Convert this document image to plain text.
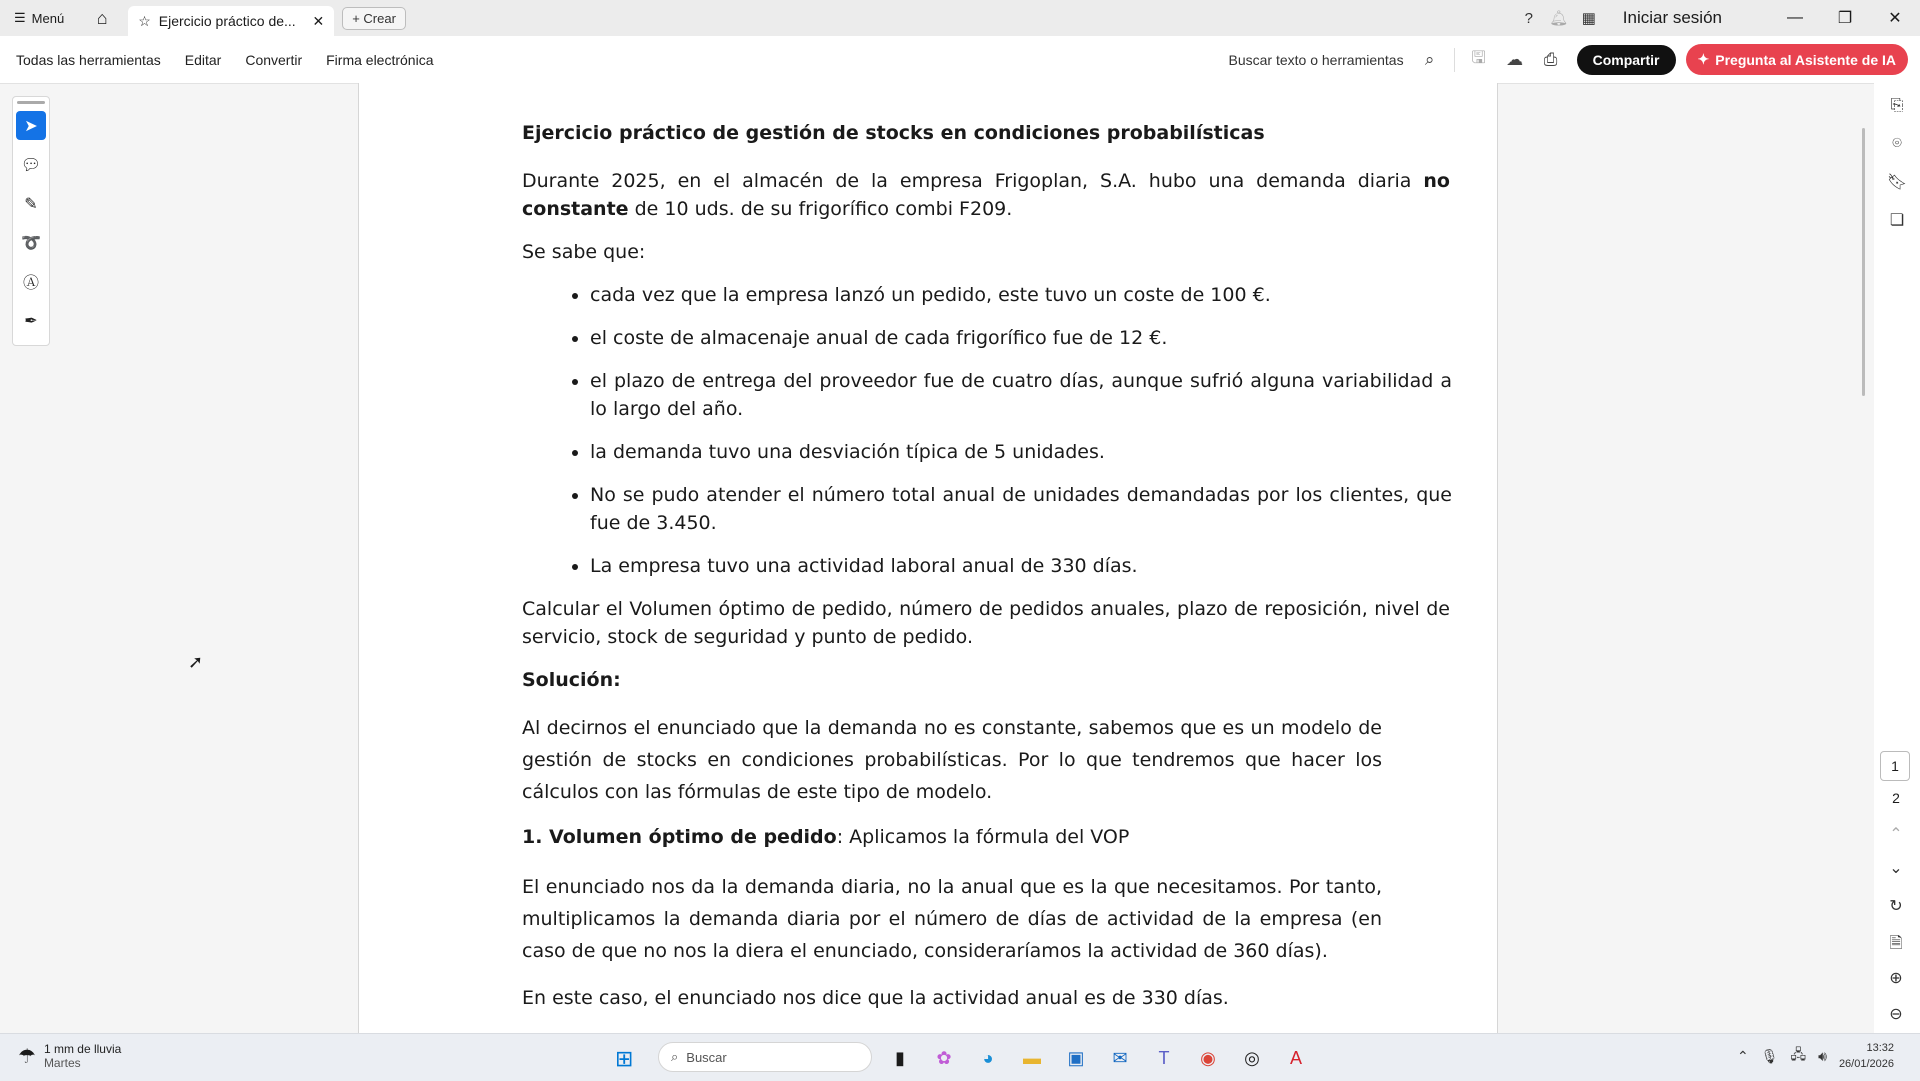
☰ Menú	⌂	☆ Ejercicio práctico de...	✕	+ Crear	?	🔔︎ ▦ Iniciar sesión	—	❐	✕
Todas las herramientas Editar Convertir Firma electrónica	Buscar texto o herramientas	⌕	🖫︎	☁	⎙	Compartir	✦ Pregunta al Asistente de IA
➤
💬︎
✎
➰
Ⓐ
✒
➚

Ejercicio práctico de gestión de stocks en condiciones probabilísticas

Durante 2025, en el almacén de la empresa Frigoplan, S.A. hubo una demanda diaria no constante de 10 uds. de su frigorífico combi F209.

Se sabe que:

• cada vez que la empresa lanzó un pedido, este tuvo un coste de 100 €.
• el coste de almacenaje anual de cada frigorífico fue de 12 €.
• el plazo de entrega del proveedor fue de cuatro días, aunque sufrió alguna variabilidad a lo largo del año.
• la demanda tuvo una desviación típica de 5 unidades.
• No se pudo atender el número total anual de unidades demandadas por los clientes, que fue de 3.450.
• La empresa tuvo una actividad laboral anual de 330 días.

Calcular el Volumen óptimo de pedido, número de pedidos anuales, plazo de reposición, nivel de servicio, stock de seguridad y punto de pedido.

Solución:

Al decirnos el enunciado que la demanda no es constante, sabemos que es un modelo de gestión de stocks en condiciones probabilísticas. Por lo que tendremos que hacer los cálculos con las fórmulas de este tipo de modelo.

1. Volumen óptimo de pedido: Aplicamos la fórmula del VOP

El enunciado nos da la demanda diaria, no la anual que es la que necesitamos. Por tanto, multiplicamos la demanda diaria por el número de días de actividad de la empresa (en caso de que no nos la diera el enunciado, consideraríamos la actividad de 360 días).

En este caso, el enunciado nos dice que la actividad anual es de 330 días.

⎘
⌾
🔖︎
❏
1
2
⌃
⌄
↻
🗎︎
⊕
⊖
☂ 1 mm de lluvia
Martes	⊞	⌕ Buscar	▮	✿	◕	▬	▣	✉	T	◉	◎	A	⌃ 🎙︎ 🖧︎ 🔊︎	13:32
26/01/2026
